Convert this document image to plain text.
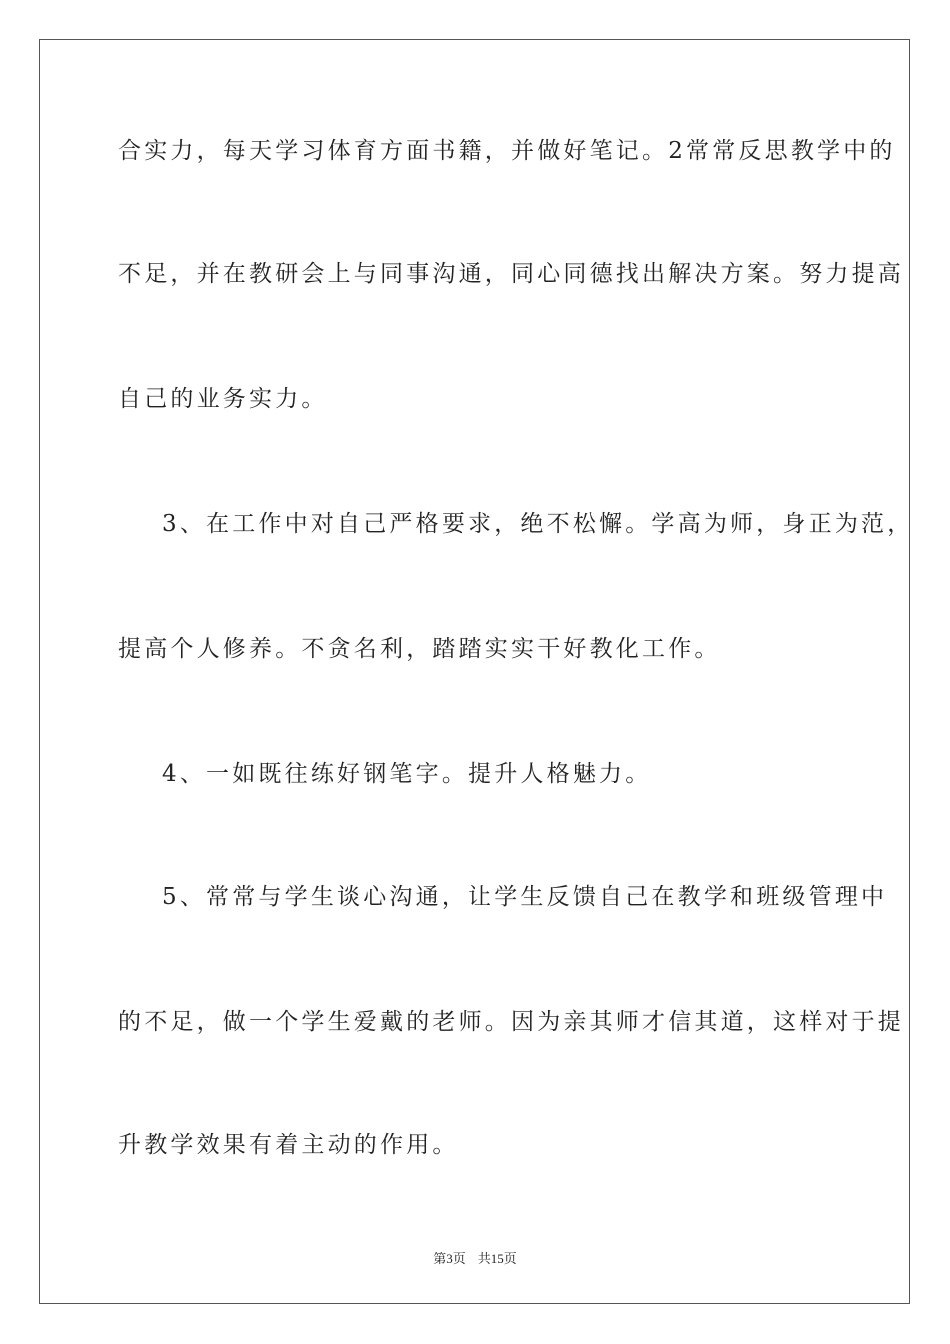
合实力，每天学习体育方面书籍，并做好笔记。2常常反思教学中的
不足，并在教研会上与同事沟通，同心同德找出解决方案。努力提高
自己的业务实力。
3、在工作中对自己严格要求，绝不松懈。学高为师，身正为范，
提高个人修养。不贪名利，踏踏实实干好教化工作。
4、一如既往练好钢笔字。提升人格魅力。
5、常常与学生谈心沟通，让学生反馈自己在教学和班级管理中
的不足，做一个学生爱戴的老师。因为亲其师才信其道，这样对于提
升教学效果有着主动的作用。
第3页 共15页
